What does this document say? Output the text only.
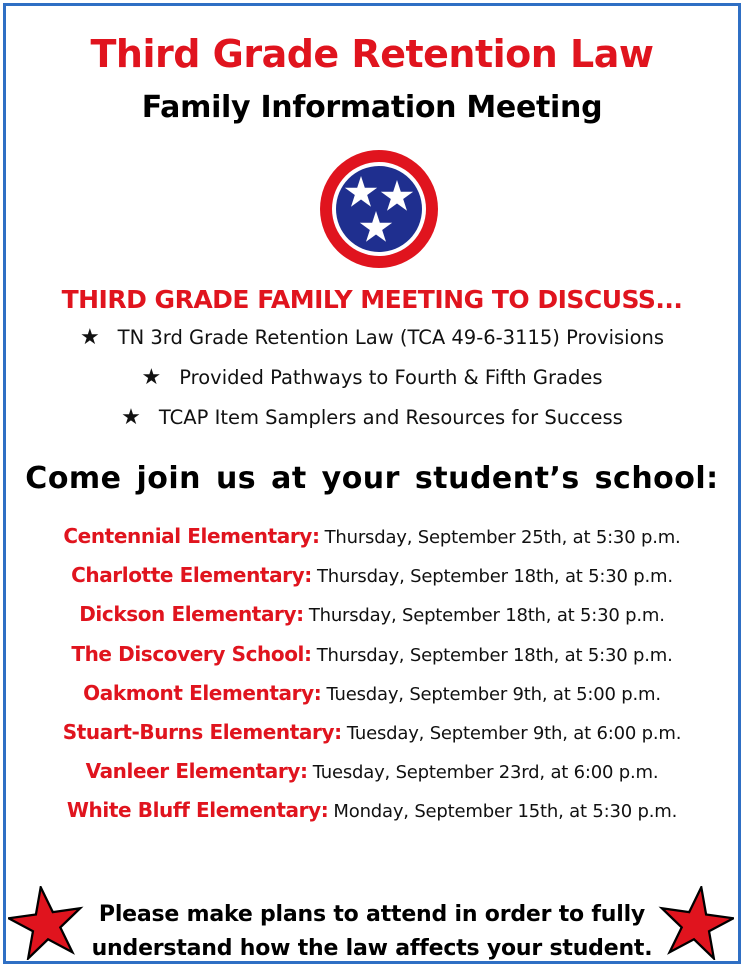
Third Grade Retention Law
Family Information Meeting
THIRD GRADE FAMILY MEETING TO DISCUSS...
★ TN 3rd Grade Retention Law (TCA 49-6-3115) Provisions
★ Provided Pathways to Fourth & Fifth Grades
★ TCAP Item Samplers and Resources for Success
Come join us at your student’s school:
Centennial Elementary: Thursday, September 25th, at 5:30 p.m.
Charlotte Elementary: Thursday, September 18th, at 5:30 p.m.
Dickson Elementary: Thursday, September 18th, at 5:30 p.m.
The Discovery School: Thursday, September 18th, at 5:30 p.m.
Oakmont Elementary: Tuesday, September 9th, at 5:00 p.m.
Stuart-Burns Elementary: Tuesday, September 9th, at 6:00 p.m.
Vanleer Elementary: Tuesday, September 23rd, at 6:00 p.m.
White Bluff Elementary: Monday, September 15th, at 5:30 p.m.
Please make plans to attend in order to fully
understand how the law affects your student.
